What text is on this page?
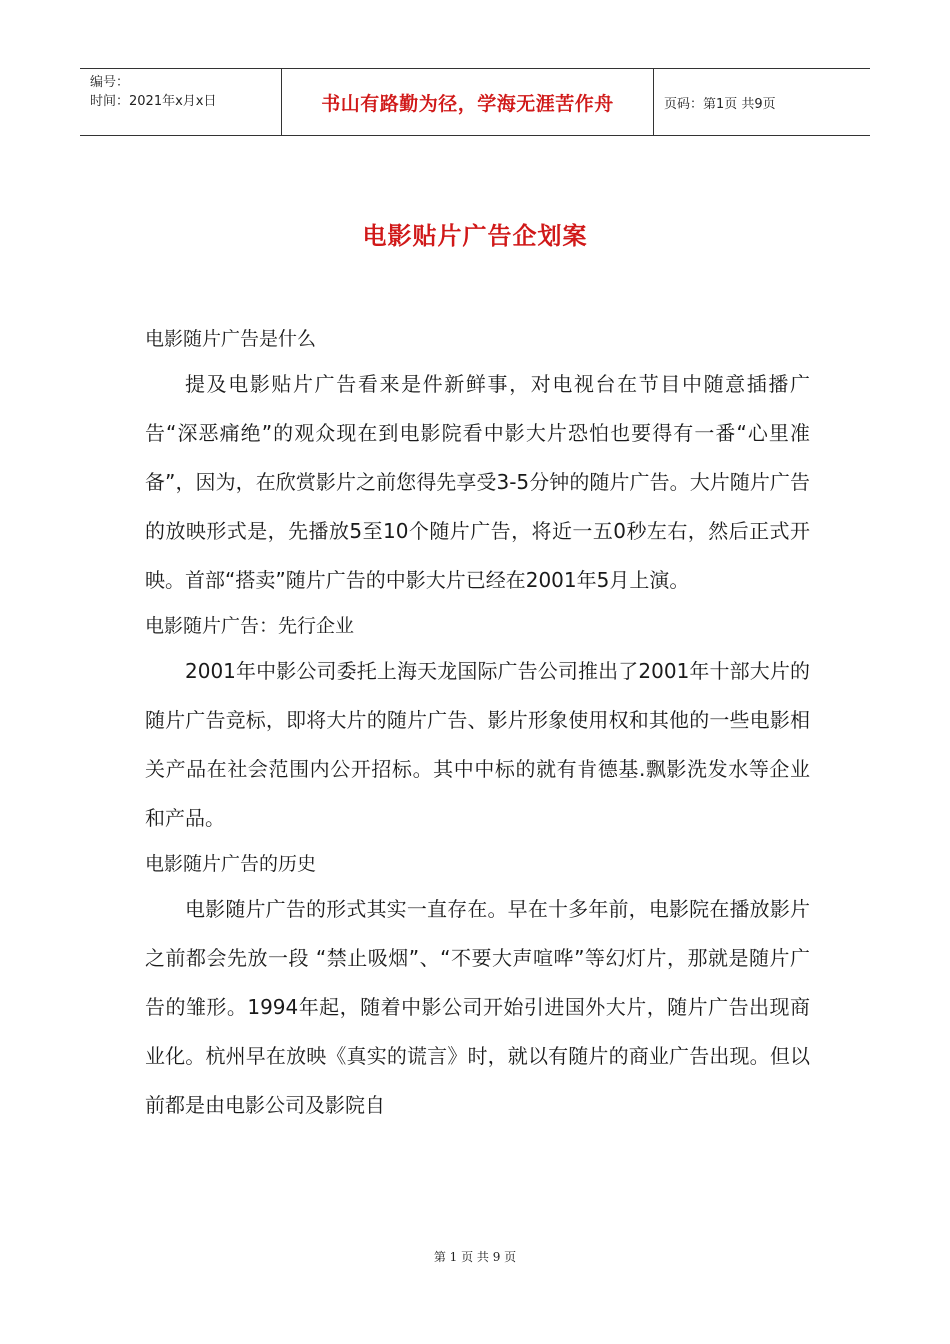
编号：
时间：2021年x月x日	书山有路勤为径，学海无涯苦作舟	页码：第1页 共9页
电影贴片广告企划案

电影随片广告是什么

提及电影贴片广告看来是件新鲜事，对电视台在节目中随意插播广告“深恶痛绝”的观众现在到电影院看中影大片恐怕也要得有一番“心里准备”，因为，在欣赏影片之前您得先享受3-5分钟的随片广告。大片随片广告的放映形式是，先播放5至10个随片广告，将近一五0秒左右，然后正式开映。首部“搭卖”随片广告的中影大片已经在2001年5月上演。

电影随片广告：先行企业

2001年中影公司委托上海天龙国际广告公司推出了2001年十部大片的随片广告竞标，即将大片的随片广告、影片形象使用权和其他的一些电影相关产品在社会范围内公开招标。其中中标的就有肯德基.飘影洗发水等企业和产品。

电影随片广告的历史

电影随片广告的形式其实一直存在。早在十多年前，电影院在播放影片之前都会先放一段 “禁止吸烟”、“不要大声喧哗”等幻灯片，那就是随片广告的雏形。1994年起，随着中影公司开始引进国外大片，随片广告出现商业化。杭州早在放映《真实的谎言》时，就以有随片的商业广告出现。但以前都是由电影公司及影院自

第 1 页 共 9 页
